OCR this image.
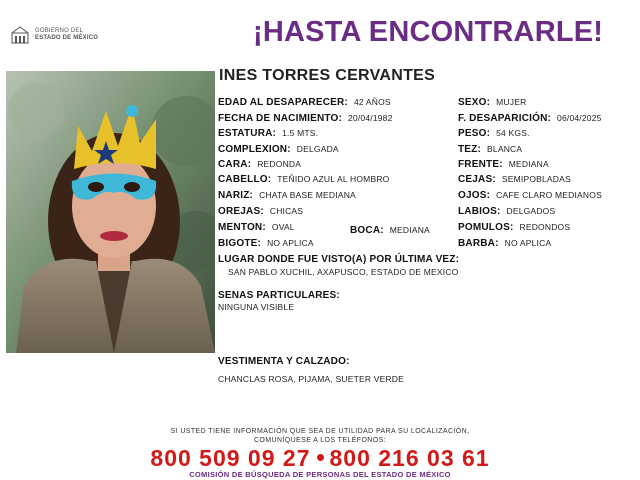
GOBIERNO DEL
ESTADO DE MÉXICO	¡HASTA ENCONTRARLE!
INES TORRES CERVANTES
EDAD AL DESAPARECER: 42 AÑOS
FECHA DE NACIMIENTO: 20/04/1982
ESTATURA: 1.5 MTS.
COMPLEXION: DELGADA
CARA: REDONDA
CABELLO: TEÑIDO AZUL AL HOMBRO
NARIZ: CHATA BASE MEDIANA
OREJAS: CHICAS
MENTON: OVAL
BIGOTE: NO APLICA
BOCA: MEDIANA
SEXO: MUJER
F. DESAPARICIÓN: 06/04/2025
PESO: 54 KGS.
TEZ: BLANCA
FRENTE: MEDIANA
CEJAS: SEMIPOBLADAS
OJOS: CAFE CLARO MEDIANOS
LABIOS: DELGADOS
POMULOS: REDONDOS
BARBA: NO APLICA
LUGAR DONDE FUE VISTO(A) POR ÚLTIMA VEZ:
SAN PABLO XUCHIL, AXAPUSCO, ESTADO DE MEXICO
SENAS PARTICULARES:
NINGUNA VISIBLE
VESTIMENTA Y CALZADO:
CHANCLAS ROSA, PIJAMA, SUETER VERDE
SI USTED TIENE INFORMACIÓN QUE SEA DE UTILIDAD PARA SU LOCALIZACIÓN,
COMUNÍQUESE A LOS TELÉFONOS:
800 509 09 27 800 216 03 61
COMISIÓN DE BÚSQUEDA DE PERSONAS DEL ESTADO DE MÉXICO
